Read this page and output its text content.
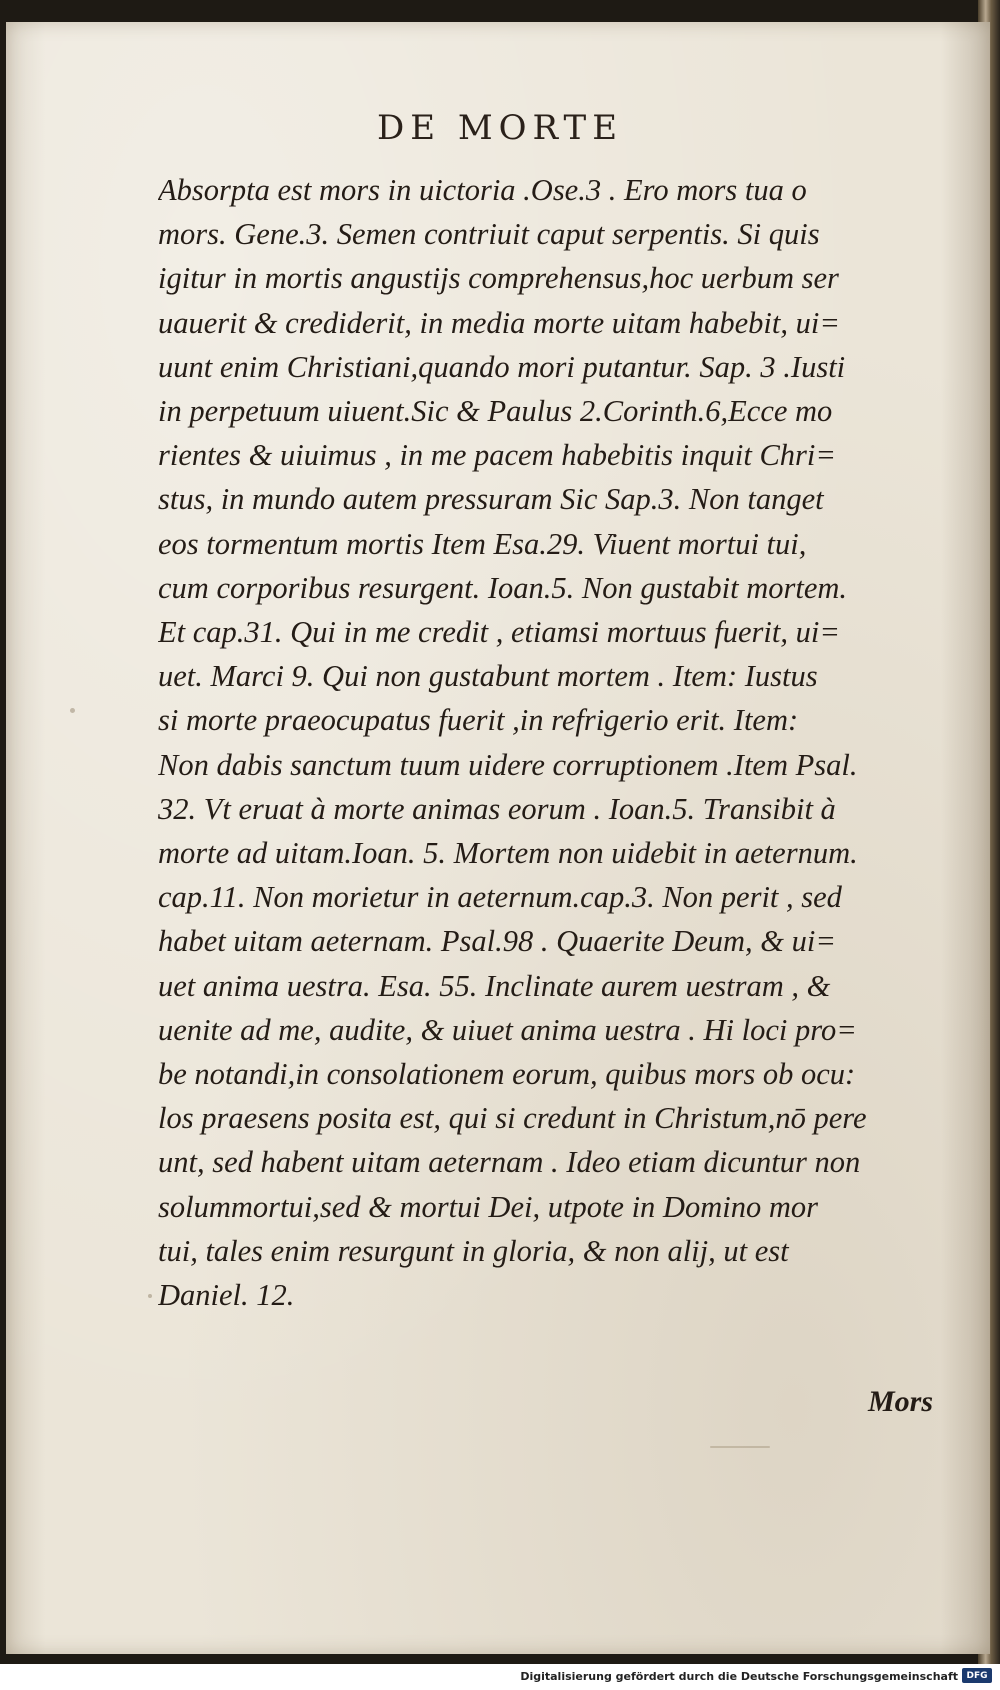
DE MORTE
Absorpta est mors in uictoria .Ose.3 . Ero mors tua o
mors. Gene.3. Semen contriuit caput serpentis. Si quis
igitur in mortis angustijs comprehensus,hoc uerbum ser
uauerit & crediderit, in media morte uitam habebit, ui=
uunt enim Christiani,quando mori putantur. Sap. 3 .Iusti
in perpetuum uiuent.Sic & Paulus 2.Corinth.6,Ecce mo
rientes & uiuimus , in me pacem habebitis inquit Chri=
stus, in mundo autem pressuram Sic Sap.3. Non tanget
eos tormentum mortis Item Esa.29. Viuent mortui tui,
cum corporibus resurgent. Ioan.5. Non gustabit mortem.
Et cap.31. Qui in me credit , etiamsi mortuus fuerit, ui=
uet. Marci 9. Qui non gustabunt mortem . Item: Iustus
si morte praeocupatus fuerit ,in refrigerio erit. Item:
Non dabis sanctum tuum uidere corruptionem .Item Psal.
32. Vt eruat à morte animas eorum . Ioan.5. Transibit à
morte ad uitam.Ioan. 5. Mortem non uidebit in aeternum.
cap.11. Non morietur in aeternum.cap.3. Non perit , sed
habet uitam aeternam. Psal.98 . Quaerite Deum, & ui=
uet anima uestra. Esa. 55. Inclinate aurem uestram , &
uenite ad me, audite, & uiuet anima uestra . Hi loci pro=
be notandi,in consolationem eorum, quibus mors ob ocu:
los praesens posita est, qui si credunt in Christum,nō pere
unt, sed habent uitam aeternam . Ideo etiam dicuntur non
solummortui,sed & mortui Dei, utpote in Domino mor
tui, tales enim resurgunt in gloria, & non alij, ut est
Daniel. 12.
Mors
Digitalisierung gefördert durch die Deutsche Forschungsgemeinschaft DFG
